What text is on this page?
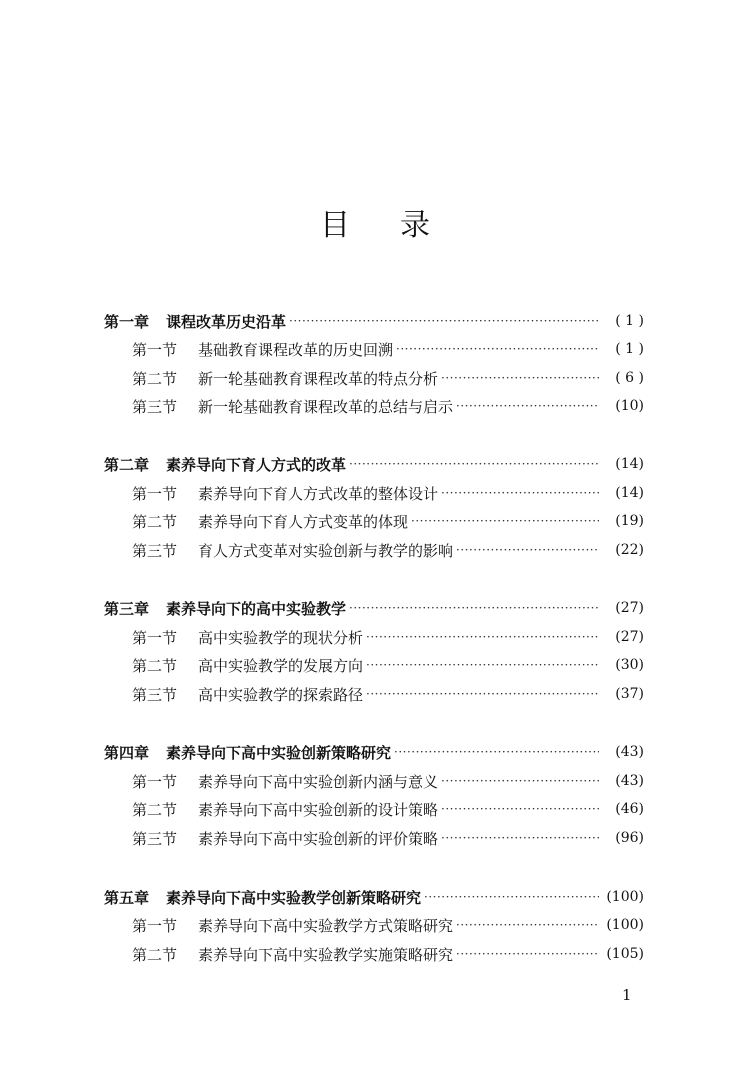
目 录
第一章	课程改革历史沿革 ·····	( 1 )
第一节	基础教育课程改革的历史回溯 ·····	( 1 )
第二节	新一轮基础教育课程改革的特点分析 ·····	( 6 )
第三节	新一轮基础教育课程改革的总结与启示 ·····	(10)
第二章	素养导向下育人方式的改革 ·····	(14)
第一节	素养导向下育人方式改革的整体设计 ·····	(14)
第二节	素养导向下育人方式变革的体现 ·····	(19)
第三节	育人方式变革对实验创新与教学的影响 ·····	(22)
第三章	素养导向下的高中实验教学 ·····	(27)
第一节	高中实验教学的现状分析 ·····	(27)
第二节	高中实验教学的发展方向 ·····	(30)
第三节	高中实验教学的探索路径 ·····	(37)
第四章	素养导向下高中实验创新策略研究 ·····	(43)
第一节	素养导向下高中实验创新内涵与意义 ·····	(43)
第二节	素养导向下高中实验创新的设计策略 ·····	(46)
第三节	素养导向下高中实验创新的评价策略 ·····	(96)
第五章	素养导向下高中实验教学创新策略研究 ·····	(100)
第一节	素养导向下高中实验教学方式策略研究 ·····	(100)
第二节	素养导向下高中实验教学实施策略研究 ·····	(105)
1
